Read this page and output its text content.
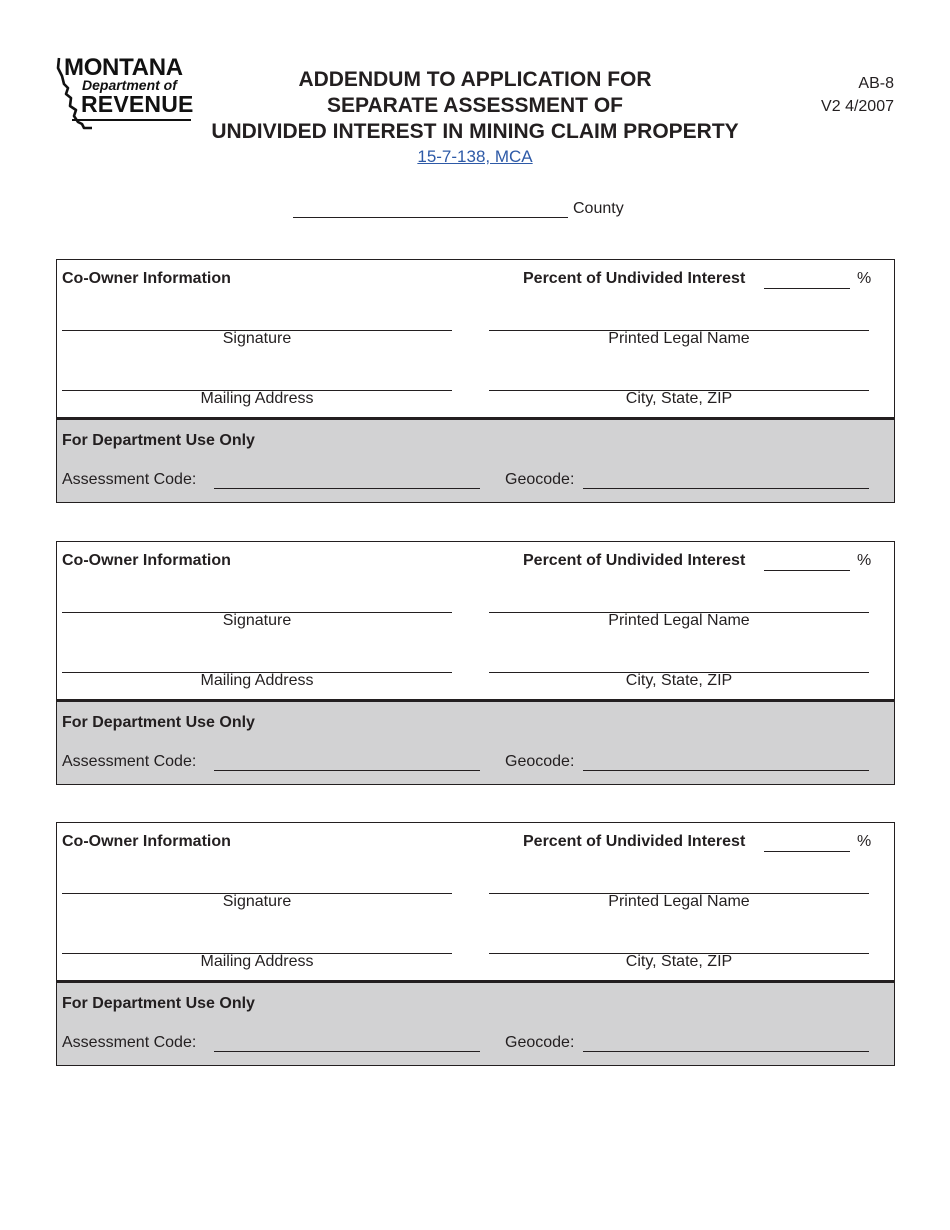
MONTANA
Department of
REVENUE
ADDENDUM TO APPLICATION FOR
SEPARATE ASSESSMENT OF
UNDIVIDED INTEREST IN MINING CLAIM PROPERTY
15-7-138, MCA
AB-8
V2 4/2007
County
Co-Owner Information	Percent of Undivided Interest	%
Signature	Printed Legal Name
Mailing Address	City, State, ZIP
For Department Use Only
Assessment Code:	Geocode:
Co-Owner Information	Percent of Undivided Interest	%
Signature	Printed Legal Name
Mailing Address	City, State, ZIP
For Department Use Only
Assessment Code:	Geocode:
Co-Owner Information	Percent of Undivided Interest	%
Signature	Printed Legal Name
Mailing Address	City, State, ZIP
For Department Use Only
Assessment Code:	Geocode:
